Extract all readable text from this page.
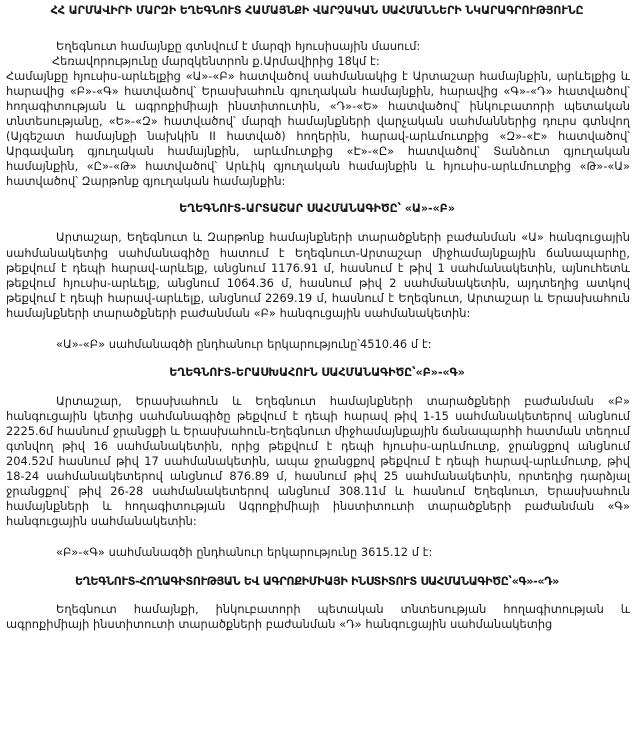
ՀՀ ԱՐՄԱՎԻՐԻ ՄԱՐԶԻ ԵՂԵԳՆՈՒՏ ՀԱՄԱՅՆՔԻ ՎԱՐՉԱԿԱՆ ՍԱՀՄԱՆՆԵՐԻ ՆԿԱՐԱԳՐՈՒԹՅՈՒՆԸ

Եղեգնուտ համայնքը գտնվում է մարզի հյուսիսային մասում:

Հեռավորությունը մարզկենտրոն ք.Արմավիրից 18կմ է:

Համայնքը հյուսիս-արևելքից «Ա»-«Բ» հատվածով սահմանակից է Արտաշար համայնքին, արևելքից և հարավից «Բ»-«Գ» հատվածով՝ Երասխահուն գյուղական համայնքին, հարավից «Գ»-«Դ» հատվածով՝ հողագիտության և ագրոքիմիայի ինստիտուտին, «Դ»-«Ե» հատվածով՝ ինկուբատորի պետական տնտեսությանը, «Ե»-«Զ» հատվածով՝ մարզի համայնքների վարչական սահմաններից դուրս գտնվող (Այգեշատ համայնքի նախկին II հատված) հողերին, հարավ-արևմուտքից «Զ»-«Է» հատվածով՝ Արգավանդ գյուղական համայնքին, արևմուտքից «Է»-«Ը» հատվածով՝ Տանձուտ գյուղական համայնքին, «Ը»-«Թ» հատվածով՝ Արևիկ գյուղական համայնքին և հյուսիս-արևմուտքից «Թ»-«Ա» հատվածով՝ Զարթոնք գյուղական համայնքին:

ԵՂԵԳՆՈՒՏ-ԱՐՏԱՇԱՐ ՍԱՀՄԱՆԱԳԻԾԸ՝ «Ա»-«Բ»

Արտաշար, Եղեգնուտ և Զարթոնք համայնքների տարածքների բաժանման «Ա» հանգուցային սահմանակետից սահմանագիծը հատում է Եղեգնուտ-Արտաշար միջհամայնքային ճանապարհը, թեքվում է դեպի հարավ-արևելք, անցնում 1176.91 մ, հասնում է թիվ 1 սահմանակետին, այնուհետև թեքվում հյուսիս-արևելք, անցնում 1064.36 մ, հասնում թիվ 2 սահմանակետին, այդտեղից ատկով թեքվում է դեպի հարավ-արևելք, անցնում 2269.19 մ, հասնում է Եղեգնուտ, Արտաշար և Երասխահուն համայնքների տարածքների բաժանման «Բ» հանգուցային սահմանակետին:

«Ա»-«Բ» սահմանագծի ընդհանուր երկարությունը՝4510.46 մ է:

ԵՂԵԳՆՈՒՏ-ԵՐԱՍԽԱՀՈՒՆ ՍԱՀՄԱՆԱԳԻԾԸ՝«Բ»-«Գ»

Արտաշար, Երասխահուն և Եղեգնուտ համայնքների տարածքների բաժանման «Բ» հանգուցային կետից սահմանագիծը թեքվում է դեպի հարավ թիվ 1-15 սահմանակետերով անցնում 2225.6մ հասնում ջրանցքի և Երասխահուն-Եղեգնուտ միջհամայնքային ճանապարհի հատման տեղում գտնվող թիվ 16 սահմանակետին, որից թեքվում է դեպի հյուսիս-արևմուտք, ջրանցքով անցնում 204.52մ հասնում թիվ 17 սահմանակետին, ապա ջրանցքով թեքվում է դեպի հարավ-արևմուտք, թիվ 18-24 սահմանակետերով անցնում 876.89 մ, հասնում թիվ 25 սահմանակետին, որտեղից դարձյալ ջրանցքով՝ թիվ 26-28 սահմանակետերով անցնում 308.11մ և հասնում Եղեգնուտ, Երասխահուն համայնքների և հողագիտության Ագրոքիմիայի ինստիտուտի տարածքների բաժանման «Գ» հանգուցային սահմանակետին:

«Բ»-«Գ» սահմանագծի ընդհանուր երկարությունը 3615.12 մ է:

ԵՂԵԳՆՈՒՏ-ՀՈՂԱԳԻՏՈՒԹՅԱՆ ԵՎ ԱԳՐՈՔԻՄԻԱՅԻ ԻՆՍՏԻՏՈՒՏ ՍԱՀՄԱՆԱԳԻԾԸ՝«Գ»-«Դ»

Եղեգնուտ համայնքի, ինկուբատորի պետական տնտեսության հողագիտության և ագրոքիմիայի ինստիտուտի տարածքների բաժանման «Դ» հանգուցային սահմանակետից
